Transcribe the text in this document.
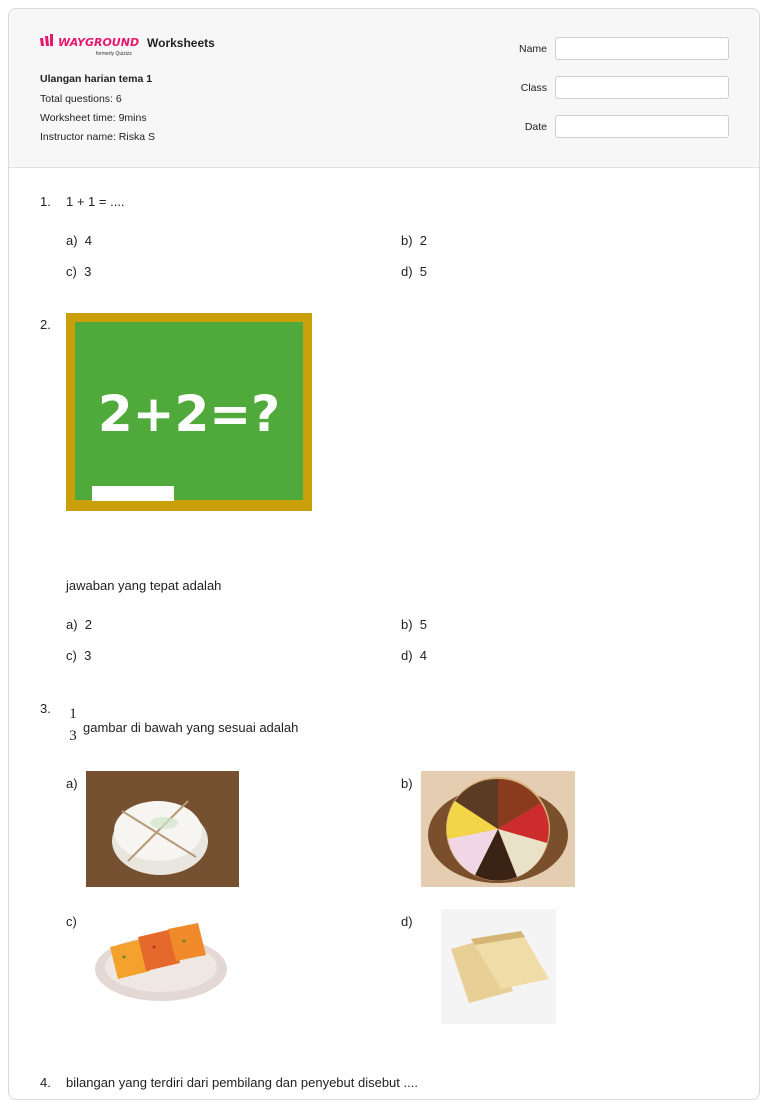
WAYGROUND
formerly Quizizz
Worksheets
Ulangan harian tema 1
Total questions: 6
Worksheet time: 9mins
Instructor name: Riska S
Name
Class
Date
1. 1 + 1 = ....
a) 4	b) 2
c) 3	d) 5
2.
2+2=?
jawaban yang tepat adalah
a) 2	b) 5
c) 3	d) 4
3. 1
3
gambar di bawah yang sesuai adalah
a)	b)
c)	d)
4. bilangan yang terdiri dari pembilang dan penyebut disebut ....
